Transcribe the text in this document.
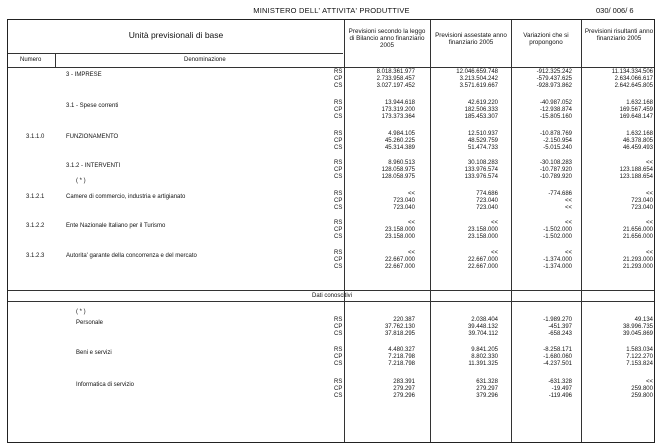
MINISTERO DELL' ATTIVITA' PRODUTTIVE	030/ 006/ 6
Unità previsionali di base	Previsioni secondo la leggo di Bilancio anno finanziario 2005
Previsioni assestate anno finanziario 2005
Variazioni che si propongono
Previsioni risultanti anno finanziario 2005
Numero	Denominazione
3 - IMPRESE	RS	8.018.361.977	12.046.659.748	-912.325.242	11.134.334.506
CP	2.733.958.457	3.213.504.242	-579.437.625	2.634.066.617
CS	3.027.197.452	3.571.619.667	-928.973.862	2.642.645.805
3.1 - Spese correnti	RS	13.944.618	42.619.220	-40.987.052	1.632.168
CP	173.319.200	182.506.333	-12.938.874	169.567.459
CS	173.373.364	185.453.307	-15.805.160	169.648.147
3.1.1.0	FUNZIONAMENTO	RS	4.984.105	12.510.937	-10.878.769	1.632.168
CP	45.260.225	48.529.759	-2.150.954	46.378.805
CS	45.314.389	51.474.733	-5.015.240	46.459.493
3.1.2 - INTERVENTI	RS	8.960.513	30.108.283	-30.108.283	<<
CP	128.058.975	133.976.574	-10.787.920	123.188.654
CS	128.058.975	133.976.574	-10.789.920	123.188.654
3.1.2.1	Camere di commercio, industria e artigianato	RS	<<	774.686	-774.686	<<
CP	723.040	723.040	<<	723.040
CS	723.040	723.040	<<	723.040
3.1.2.2	Ente Nazionale Italiano per il Turismo	RS	<<	<<	<<	<<
CP	23.158.000	23.158.000	-1.502.000	21.656.000
CS	23.158.000	23.158.000	-1.502.000	21.656.000
3.1.2.3	Autorita' garante della concorrenza e del mercato	RS	<<	<<	<<	<<
CP	22.667.000	22.667.000	-1.374.000	21.293.000
CS	22.667.000	22.667.000	-1.374.000	21.293.000
Personale	RS	220.387	2.038.404	-1.989.270	49.134
CP	37.762.130	39.448.132	-451.397	38.996.735
CS	37.818.295	39.704.112	-658.243	39.045.869
Beni e servizi	RS	4.480.327	9.841.205	-8.258.171	1.583.034
CP	7.218.798	8.802.330	-1.680.060	7.122.270
CS	7.218.798	11.391.325	-4.237.501	7.153.824
Informatica di servizio	RS	283.391	631.328	-631.328	<<
CP	279.297	279.297	-19.497	259.800
CS	279.296	379.296	-119.496	259.800
Dati conoscitivi
( * )
( * )
